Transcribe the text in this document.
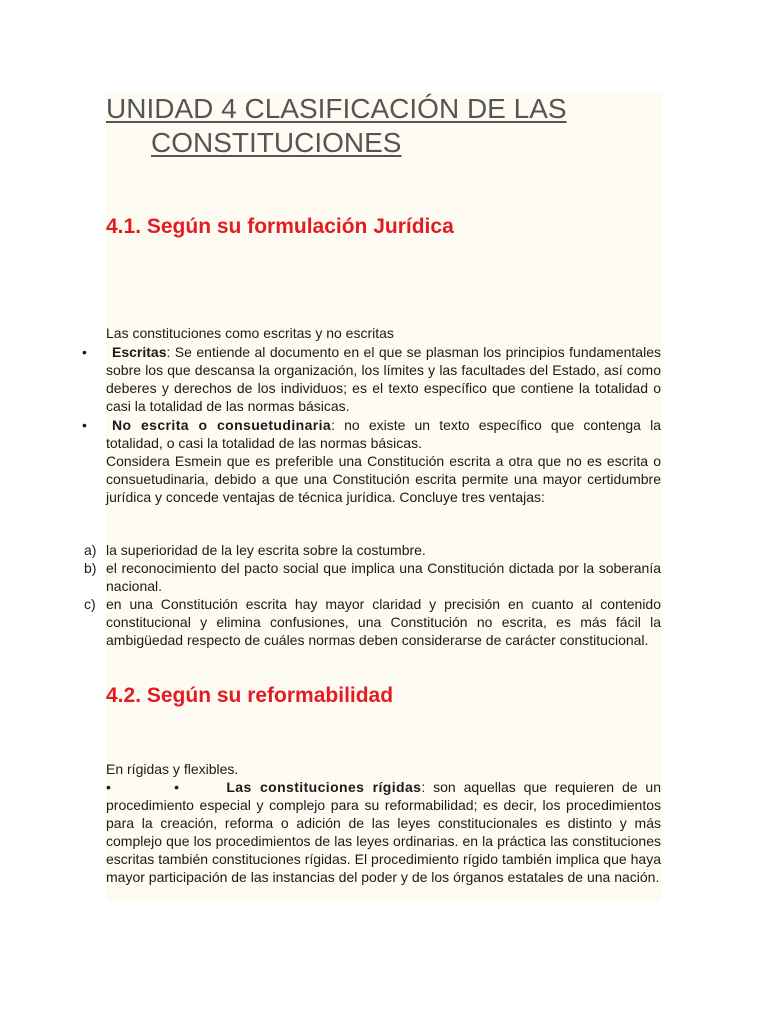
UNIDAD 4 CLASIFICACIÓN DE LAS
CONSTITUCIONES
4.1. Según su formulación Jurídica

Las constituciones como escritas y no escritas

•	Escritas: Se entiende al documento en el que se plasman los principios fundamentales sobre los que descansa la organización, los límites y las facultades del Estado, así como deberes y derechos de los individuos; es el texto específico que contiene la totalidad o casi la totalidad de las normas básicas.

•	No escrita o consuetudinaria: no existe un texto específico que contenga la totalidad, o casi la totalidad de las normas básicas.

Considera Esmein que es preferible una Constitución escrita a otra que no es escrita o consuetudinaria, debido a que una Constitución escrita permite una mayor certidumbre jurídica y concede ventajas de técnica jurídica. Concluye tres ventajas:

a) la superioridad de la ley escrita sobre la costumbre.

b) el reconocimiento del pacto social que implica una Constitución dictada por la soberanía nacional.

c) en una Constitución escrita hay mayor claridad y precisión en cuanto al contenido constitucional y elimina confusiones, una Constitución no escrita, es más fácil la ambigüedad respecto de cuáles normas deben considerarse de carácter constitucional.

4.2. Según su reformabilidad

En rígidas y flexibles.

•        •	Las constituciones rígidas: son aquellas que requieren de un procedimiento especial y complejo para su reformabilidad; es decir, los procedimientos para la creación, reforma o adición de las leyes constitucionales es distinto y más complejo que los procedimientos de las leyes ordinarias. en la práctica las constituciones escritas también constituciones rígidas. El procedimiento rígido también implica que haya mayor participación de las instancias del poder y de los órganos estatales de una nación.
